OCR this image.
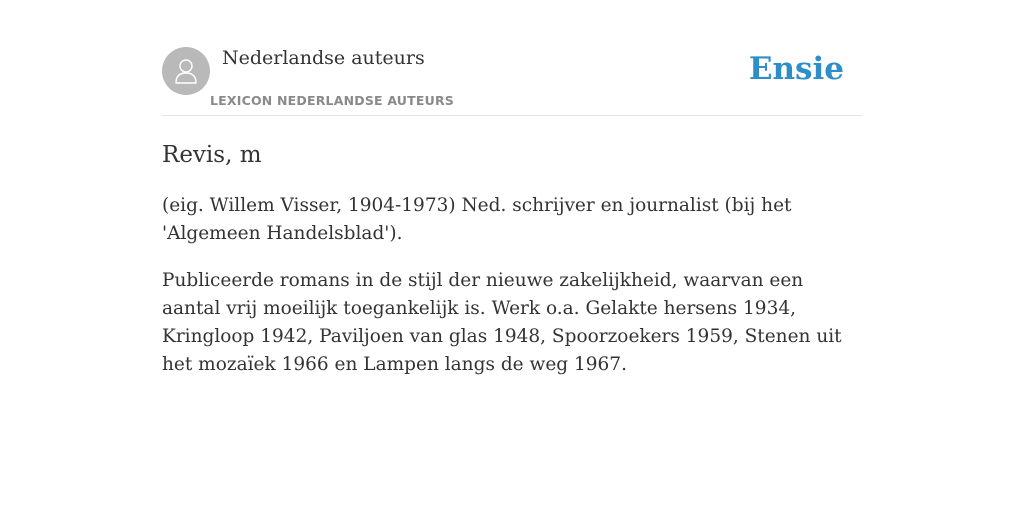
Nederlandse auteurs
LEXICON NEDERLANDSE AUTEURS
Ensie
Revis, m

(eig. Willem Visser, 1904-1973) Ned. schrijver en journalist (bij het 'Algemeen Handelsblad').

Publiceerde romans in de stijl der nieuwe zakelijkheid, waarvan een aantal vrij moeilijk toegankelijk is. Werk o.a. Gelakte hersens 1934, Kringloop 1942, Paviljoen van glas 1948, Spoorzoekers 1959, Stenen uit het mozaïek 1966 en Lampen langs de weg 1967.
